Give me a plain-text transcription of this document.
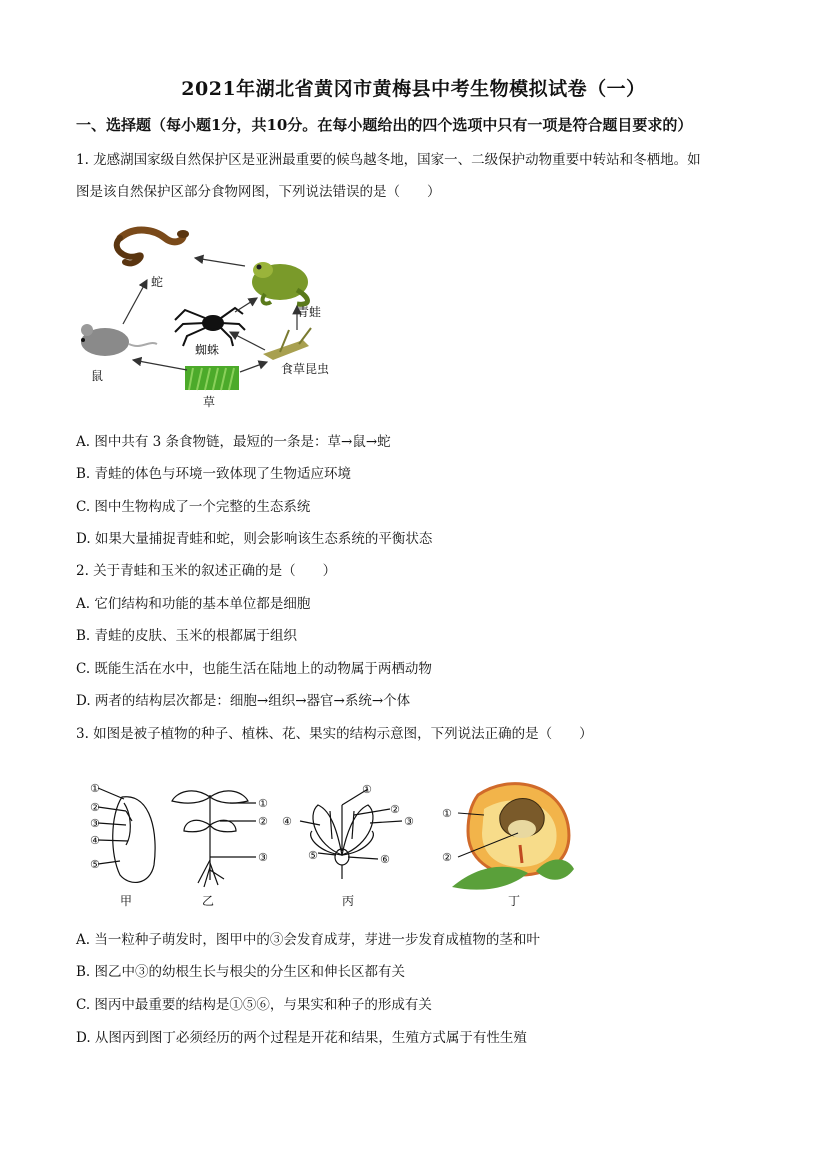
2021年湖北省黄冈市黄梅县中考生物模拟试卷（一）
一、选择题（每小题1分，共10分。在每小题给出的四个选项中只有一项是符合题目要求的）
1. 龙感湖国家级自然保护区是亚洲最重要的候鸟越冬地，国家一、二级保护动物重要中转站和冬栖地。如
图是该自然保护区部分食物网图，下列说法错误的是（　　）
蛇
青蛙
蜘蛛
鼠	食草昆虫
草
A. 图中共有 3 条食物链，最短的一条是：草→鼠→蛇
B. 青蛙的体色与环境一致体现了生物适应环境
C. 图中生物构成了一个完整的生态系统
D. 如果大量捕捉青蛙和蛇，则会影响该生态系统的平衡状态
2. 关于青蛙和玉米的叙述正确的是（　　）
A. 它们结构和功能的基本单位都是细胞
B. 青蛙的皮肤、玉米的根都属于组织
C. 既能生活在水中，也能生活在陆地上的动物属于两栖动物
D. 两者的结构层次都是：细胞→组织→器官→系统→个体
3. 如图是被子植物的种子、植株、花、果实的结构示意图，下列说法正确的是（　　）
①
②
③
④
⑤
甲
①
②
③
乙
①
②
③
④
⑤	⑥
丙
①
②
丁
A. 当一粒种子萌发时，图甲中的③会发育成芽，芽进一步发育成植物的茎和叶
B. 图乙中③的幼根生长与根尖的分生区和伸长区都有关
C. 图丙中最重要的结构是①⑤⑥，与果实和种子的形成有关
D. 从图丙到图丁必须经历的两个过程是开花和结果，生殖方式属于有性生殖
